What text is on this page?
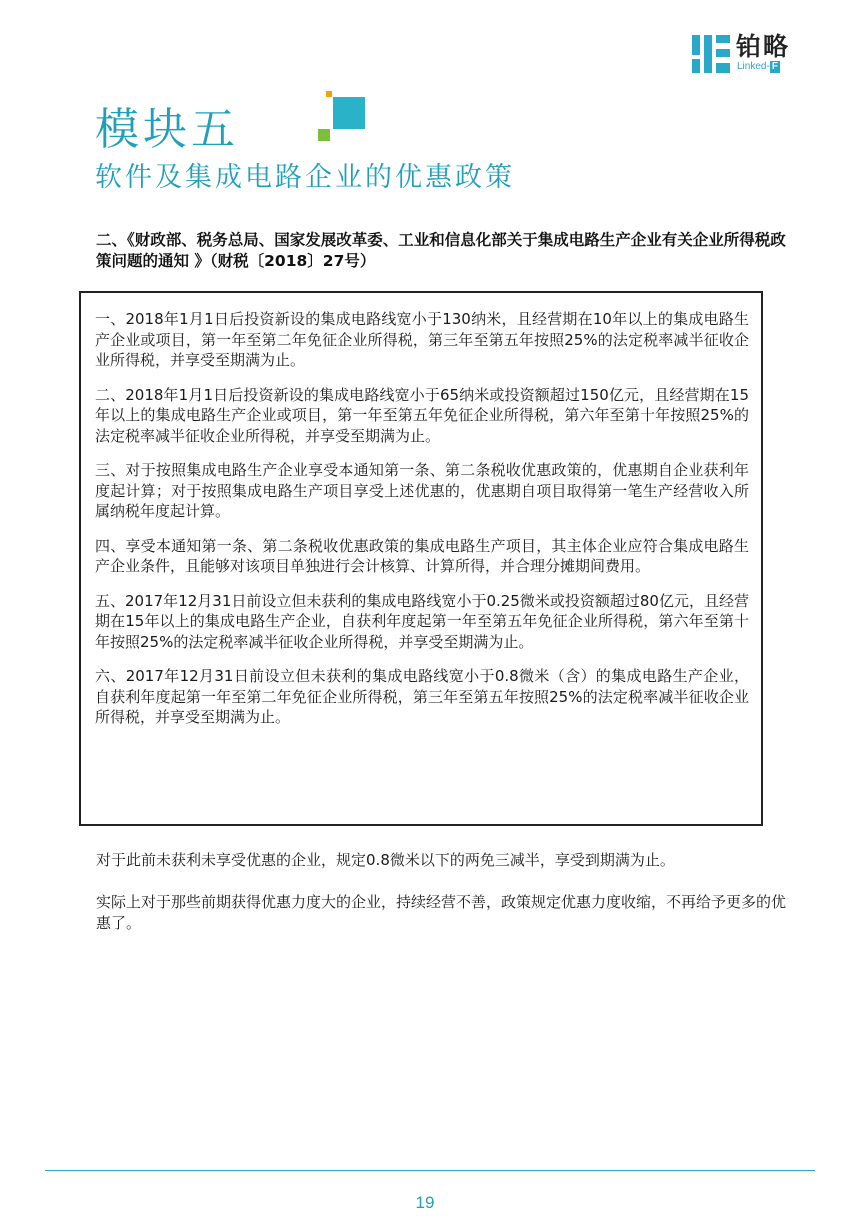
铂略
Linked- F
模块五
软件及集成电路企业的优惠政策
二、《财政部、税务总局、国家发展改革委、工业和信息化部关于集成电路生产企业有关企业所得税政策问题的通知 》（财税〔2018〕27号）

一、2018年1月1日后投资新设的集成电路线宽小于130纳米，且经营期在10年以上的集成电路生产企业或项目，第一年至第二年免征企业所得税，第三年至第五年按照25%的法定税率减半征收企业所得税，并享受至期满为止。

二、2018年1月1日后投资新设的集成电路线宽小于65纳米或投资额超过150亿元，且经营期在15年以上的集成电路生产企业或项目，第一年至第五年免征企业所得税，第六年至第十年按照25%的法定税率减半征收企业所得税，并享受至期满为止。

三、对于按照集成电路生产企业享受本通知第一条、第二条税收优惠政策的，优惠期自企业获利年度起计算；对于按照集成电路生产项目享受上述优惠的，优惠期自项目取得第一笔生产经营收入所属纳税年度起计算。

四、享受本通知第一条、第二条税收优惠政策的集成电路生产项目，其主体企业应符合集成电路生产企业条件，且能够对该项目单独进行会计核算、计算所得，并合理分摊期间费用。

五、2017年12月31日前设立但未获利的集成电路线宽小于0.25微米或投资额超过80亿元，且经营期在15年以上的集成电路生产企业，自获利年度起第一年至第五年免征企业所得税，第六年至第十年按照25%的法定税率减半征收企业所得税，并享受至期满为止。

六、2017年12月31日前设立但未获利的集成电路线宽小于0.8微米（含）的集成电路生产企业，自获利年度起第一年至第二年免征企业所得税，第三年至第五年按照25%的法定税率减半征收企业所得税，并享受至期满为止。

对于此前未获利未享受优惠的企业，规定0.8微米以下的两免三减半，享受到期满为止。
实际上对于那些前期获得优惠力度大的企业，持续经营不善，政策规定优惠力度收缩，不再给予更多的优惠了。
19
